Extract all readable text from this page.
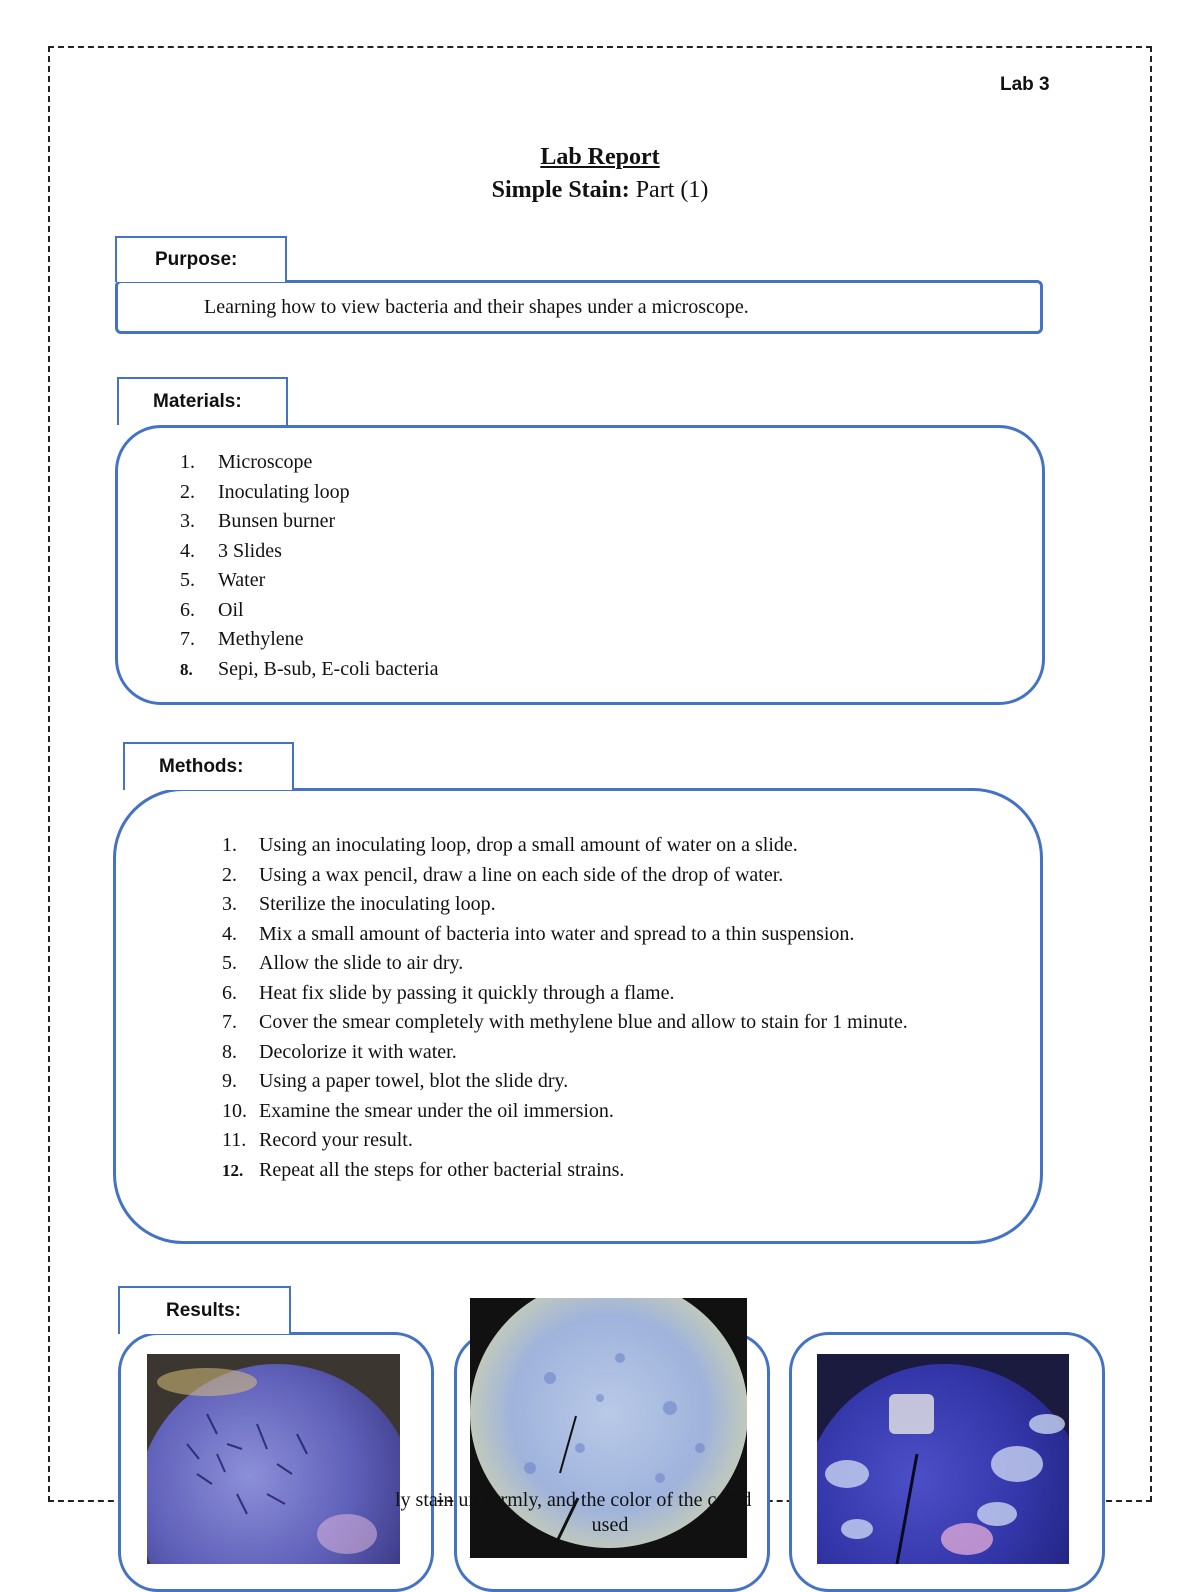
Lab 3
Lab Report
Simple Stain: Part (1)
Learning how to view bacteria and their shapes under a microscope.
Purpose:
1.	Microscope
2.	Inoculating loop
3.	Bunsen burner
4.	3 Slides
5.	Water
6.	Oil
7.	Methylene
8.	Sepi, B-sub, E-coli bacteria
Materials:
1.	Using an inoculating loop, drop a small amount of water on a slide.
2.	Using a wax pencil, draw a line on each side of the drop of water.
3.	Sterilize the inoculating loop.
4.	Mix a small amount of bacteria into water and spread to a thin suspension.
5.	Allow the slide to air dry.
6.	Heat fix slide by passing it quickly through a flame.
7.	Cover the smear completely with methylene blue and allow to stain for 1 minute.
8.	Decolorize it with water.
9.	Using a paper towel, blot the slide dry.
10. Examine the smear under the oil immersion.
11. Record your result.
12. Repeat all the steps for other bacterial strains.
Methods:
Results:
ly stain uniformly, and the color of the cell d
used
